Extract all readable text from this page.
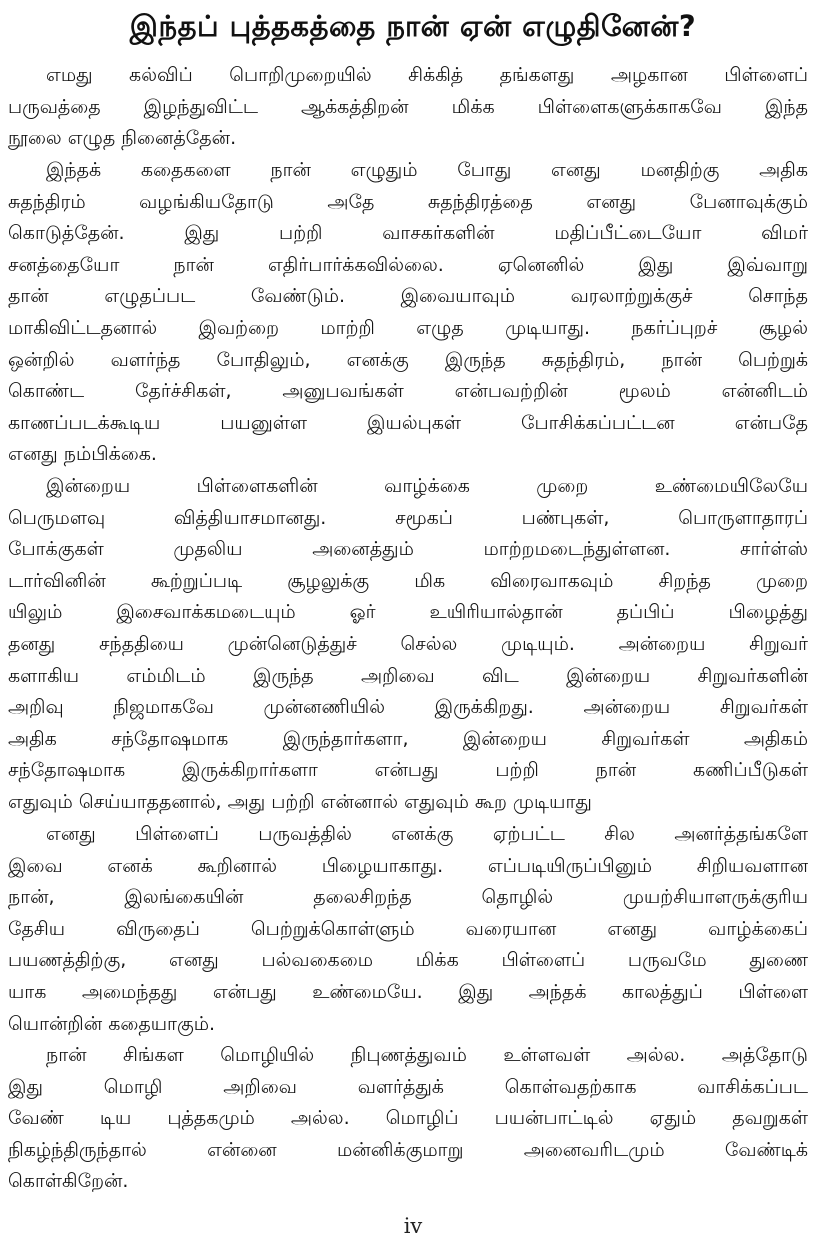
இந்தப் புத்தகத்தை நான் ஏன் எழுதினேன்?
எமது கல்விப் பொறிமுறையில் சிக்கித் தங்களது அழகான பிள்ளைப்
பருவத்தை இழந்துவிட்ட ஆக்கத்திறன் மிக்க பிள்ளைகளுக்காகவே இந்த
நூலை எழுத நினைத்தேன்.
இந்தக் கதைகளை நான் எழுதும் போது எனது மனதிற்கு அதிக
சுதந்திரம் வழங்கியதோடு அதே சுதந்திரத்தை எனது பேனாவுக்கும்
கொடுத்தேன். இது பற்றி வாசகர்களின் மதிப்பீட்டையோ விமர்
சனத்தையோ நான் எதிர்பார்க்கவில்லை. ஏனெனில் இது இவ்வாறு
தான் எழுதப்பட வேண்டும். இவையாவும் வரலாற்றுக்குச் சொந்த
மாகிவிட்டதனால் இவற்றை மாற்றி எழுத முடியாது. நகர்ப்புறச் சூழல்
ஒன்றில் வளர்ந்த போதிலும், எனக்கு இருந்த சுதந்திரம், நான் பெற்றுக்
கொண்ட தேர்ச்சிகள், அனுபவங்கள் என்பவற்றின் மூலம் என்னிடம்
காணப்படக்கூடிய பயனுள்ள இயல்புகள் போசிக்கப்பட்டன என்பதே
எனது நம்பிக்கை.
இன்றைய பிள்ளைகளின் வாழ்க்கை முறை உண்மையிலேயே
பெருமளவு வித்தியாசமானது. சமூகப் பண்புகள், பொருளாதாரப்
போக்குகள் முதலிய அனைத்தும் மாற்றமடைந்துள்ளன. சார்ள்ஸ்
டார்வினின் கூற்றுப்படி சூழலுக்கு மிக விரைவாகவும் சிறந்த முறை
யிலும் இசைவாக்கமடையும் ஓர் உயிரியால்தான் தப்பிப் பிழைத்து
தனது சந்ததியை முன்னெடுத்துச் செல்ல முடியும். அன்றைய சிறுவர்
களாகிய எம்மிடம் இருந்த அறிவை விட இன்றைய சிறுவர்களின்
அறிவு நிஜமாகவே முன்னணியில் இருக்கிறது. அன்றைய சிறுவர்கள்
அதிக சந்தோஷமாக இருந்தார்களா, இன்றைய சிறுவர்கள் அதிகம்
சந்தோஷமாக இருக்கிறார்களா என்பது பற்றி நான் கணிப்பீடுகள்
எதுவும் செய்யாததனால், அது பற்றி என்னால் எதுவும் கூற முடியாது
எனது பிள்ளைப் பருவத்தில் எனக்கு ஏற்பட்ட சில அனர்த்தங்களே
இவை எனக் கூறினால் பிழையாகாது. எப்படியிருப்பினும் சிறியவளான
நான், இலங்கையின் தலைசிறந்த தொழில் முயற்சியாளருக்குரிய
தேசிய விருதைப் பெற்றுக்கொள்ளும் வரையான எனது வாழ்க்கைப்
பயணத்திற்கு, எனது பல்வகைமை மிக்க பிள்ளைப் பருவமே துணை
யாக அமைந்தது என்பது உண்மையே. இது அந்தக் காலத்துப் பிள்ளை
யொன்றின் கதையாகும்.
நான் சிங்கள மொழியில் நிபுணத்துவம் உள்ளவள் அல்ல. அத்தோடு
இது மொழி அறிவை வளர்த்துக் கொள்வதற்காக வாசிக்கப்பட
வேண் டிய புத்தகமும் அல்ல. மொழிப் பயன்பாட்டில் ஏதும் தவறுகள்
நிகழ்ந்திருந்தால் என்னை மன்னிக்குமாறு அனைவரிடமும் வேண்டிக்
கொள்கிறேன்.
iv
